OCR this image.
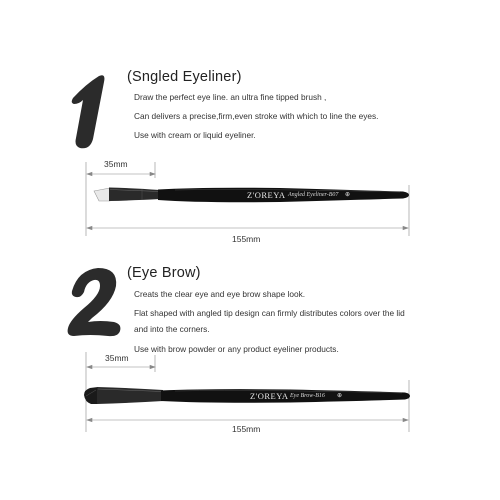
(Sngled Eyeliner)
Draw the perfect eye line. an ultra fine tipped brush ,
Can delivers a precise,firm,even stroke with which to line the eyes.
Use with cream or liquid eyeliner.
35mm
155mm
Z'OREYA Angled Eyeliner-B07 ⊕
(Eye Brow)
Creats the clear eye and eye brow shape look.
Flat shaped with angled tip design can firmly distributes colors over the lid
and into the corners.
Use with brow powder or any product eyeliner products.
35mm
155mm
Z'OREYA Eye Brow-B16 ⊕
